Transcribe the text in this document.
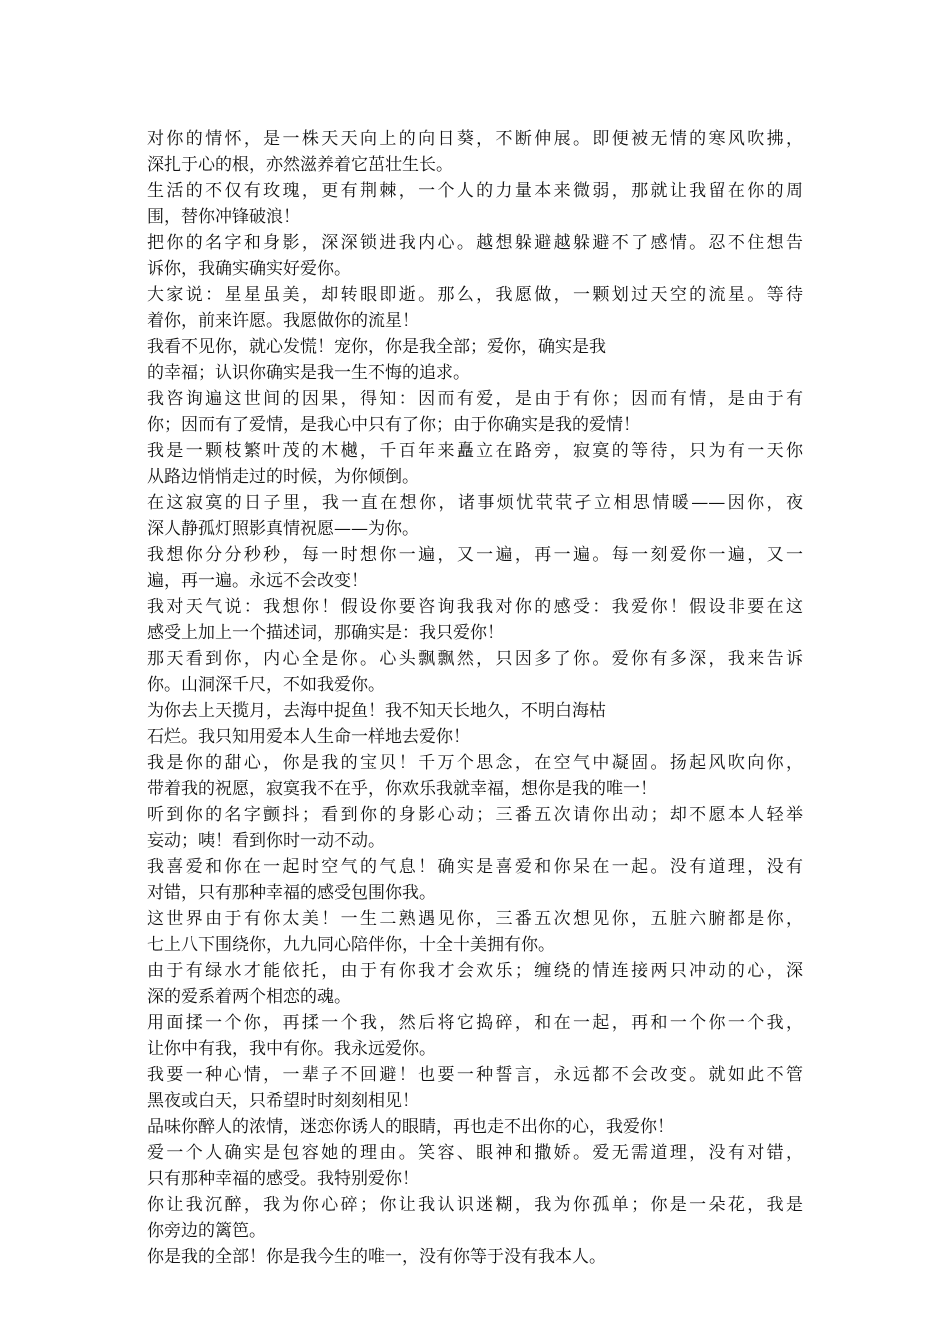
对你的情怀，是一株天天向上的向日葵，不断伸展。即便被无情的寒风吹拂，
深扎于心的根，亦然滋养着它茁壮生长。
生活的不仅有玫瑰，更有荆棘，一个人的力量本来微弱，那就让我留在你的周
围，替你冲锋破浪！
把你的名字和身影，深深锁进我内心。越想躲避越躲避不了感情。忍不住想告
诉你，我确实确实好爱你。
大家说：星星虽美，却转眼即逝。那么，我愿做，一颗划过天空的流星。等待
着你，前来许愿。我愿做你的流星！
我看不见你，就心发慌！宠你，你是我全部；爱你，确实是我
的幸福；认识你确实是我一生不悔的追求。
我咨询遍这世间的因果，得知：因而有爱，是由于有你；因而有情，是由于有
你；因而有了爱情，是我心中只有了你；由于你确实是我的爱情！
我是一颗枝繁叶茂的木樾，千百年来矗立在路旁，寂寞的等待，只为有一天你
从路边悄悄走过的时候，为你倾倒。
在这寂寞的日子里，我一直在想你，诸事烦忧茕茕孑立相思情暖——因你，夜
深人静孤灯照影真情祝愿——为你。
我想你分分秒秒，每一时想你一遍，又一遍，再一遍。每一刻爱你一遍，又一
遍，再一遍。永远不会改变！
我对天气说：我想你！假设你要咨询我我对你的感受：我爱你！假设非要在这
感受上加上一个描述词，那确实是：我只爱你！
那天看到你，内心全是你。心头飘飘然，只因多了你。爱你有多深，我来告诉
你。山洞深千尺，不如我爱你。
为你去上天揽月，去海中捉鱼！我不知天长地久，不明白海枯
石烂。我只知用爱本人生命一样地去爱你！
我是你的甜心，你是我的宝贝！千万个思念，在空气中凝固。扬起风吹向你，
带着我的祝愿，寂寞我不在乎，你欢乐我就幸福，想你是我的唯一！
听到你的名字颤抖；看到你的身影心动；三番五次请你出动；却不愿本人轻举
妄动；咦！看到你时一动不动。
我喜爱和你在一起时空气的气息！确实是喜爱和你呆在一起。没有道理，没有
对错，只有那种幸福的感受包围你我。
这世界由于有你太美！一生二熟遇见你，三番五次想见你，五脏六腑都是你，
七上八下围绕你，九九同心陪伴你，十全十美拥有你。
由于有绿水才能依托，由于有你我才会欢乐；缠绕的情连接两只冲动的心，深
深的爱系着两个相恋的魂。
用面揉一个你，再揉一个我，然后将它捣碎，和在一起，再和一个你一个我，
让你中有我，我中有你。我永远爱你。
我要一种心情，一辈子不回避！也要一种誓言，永远都不会改变。就如此不管
黑夜或白天，只希望时时刻刻相见！
品味你醉人的浓情，迷恋你诱人的眼睛，再也走不出你的心，我爱你！
爱一个人确实是包容她的理由。笑容、眼神和撒娇。爱无需道理，没有对错，
只有那种幸福的感受。我特别爱你！
你让我沉醉，我为你心碎；你让我认识迷糊，我为你孤单；你是一朵花，我是
你旁边的篱笆。
你是我的全部！你是我今生的唯一，没有你等于没有我本人。
